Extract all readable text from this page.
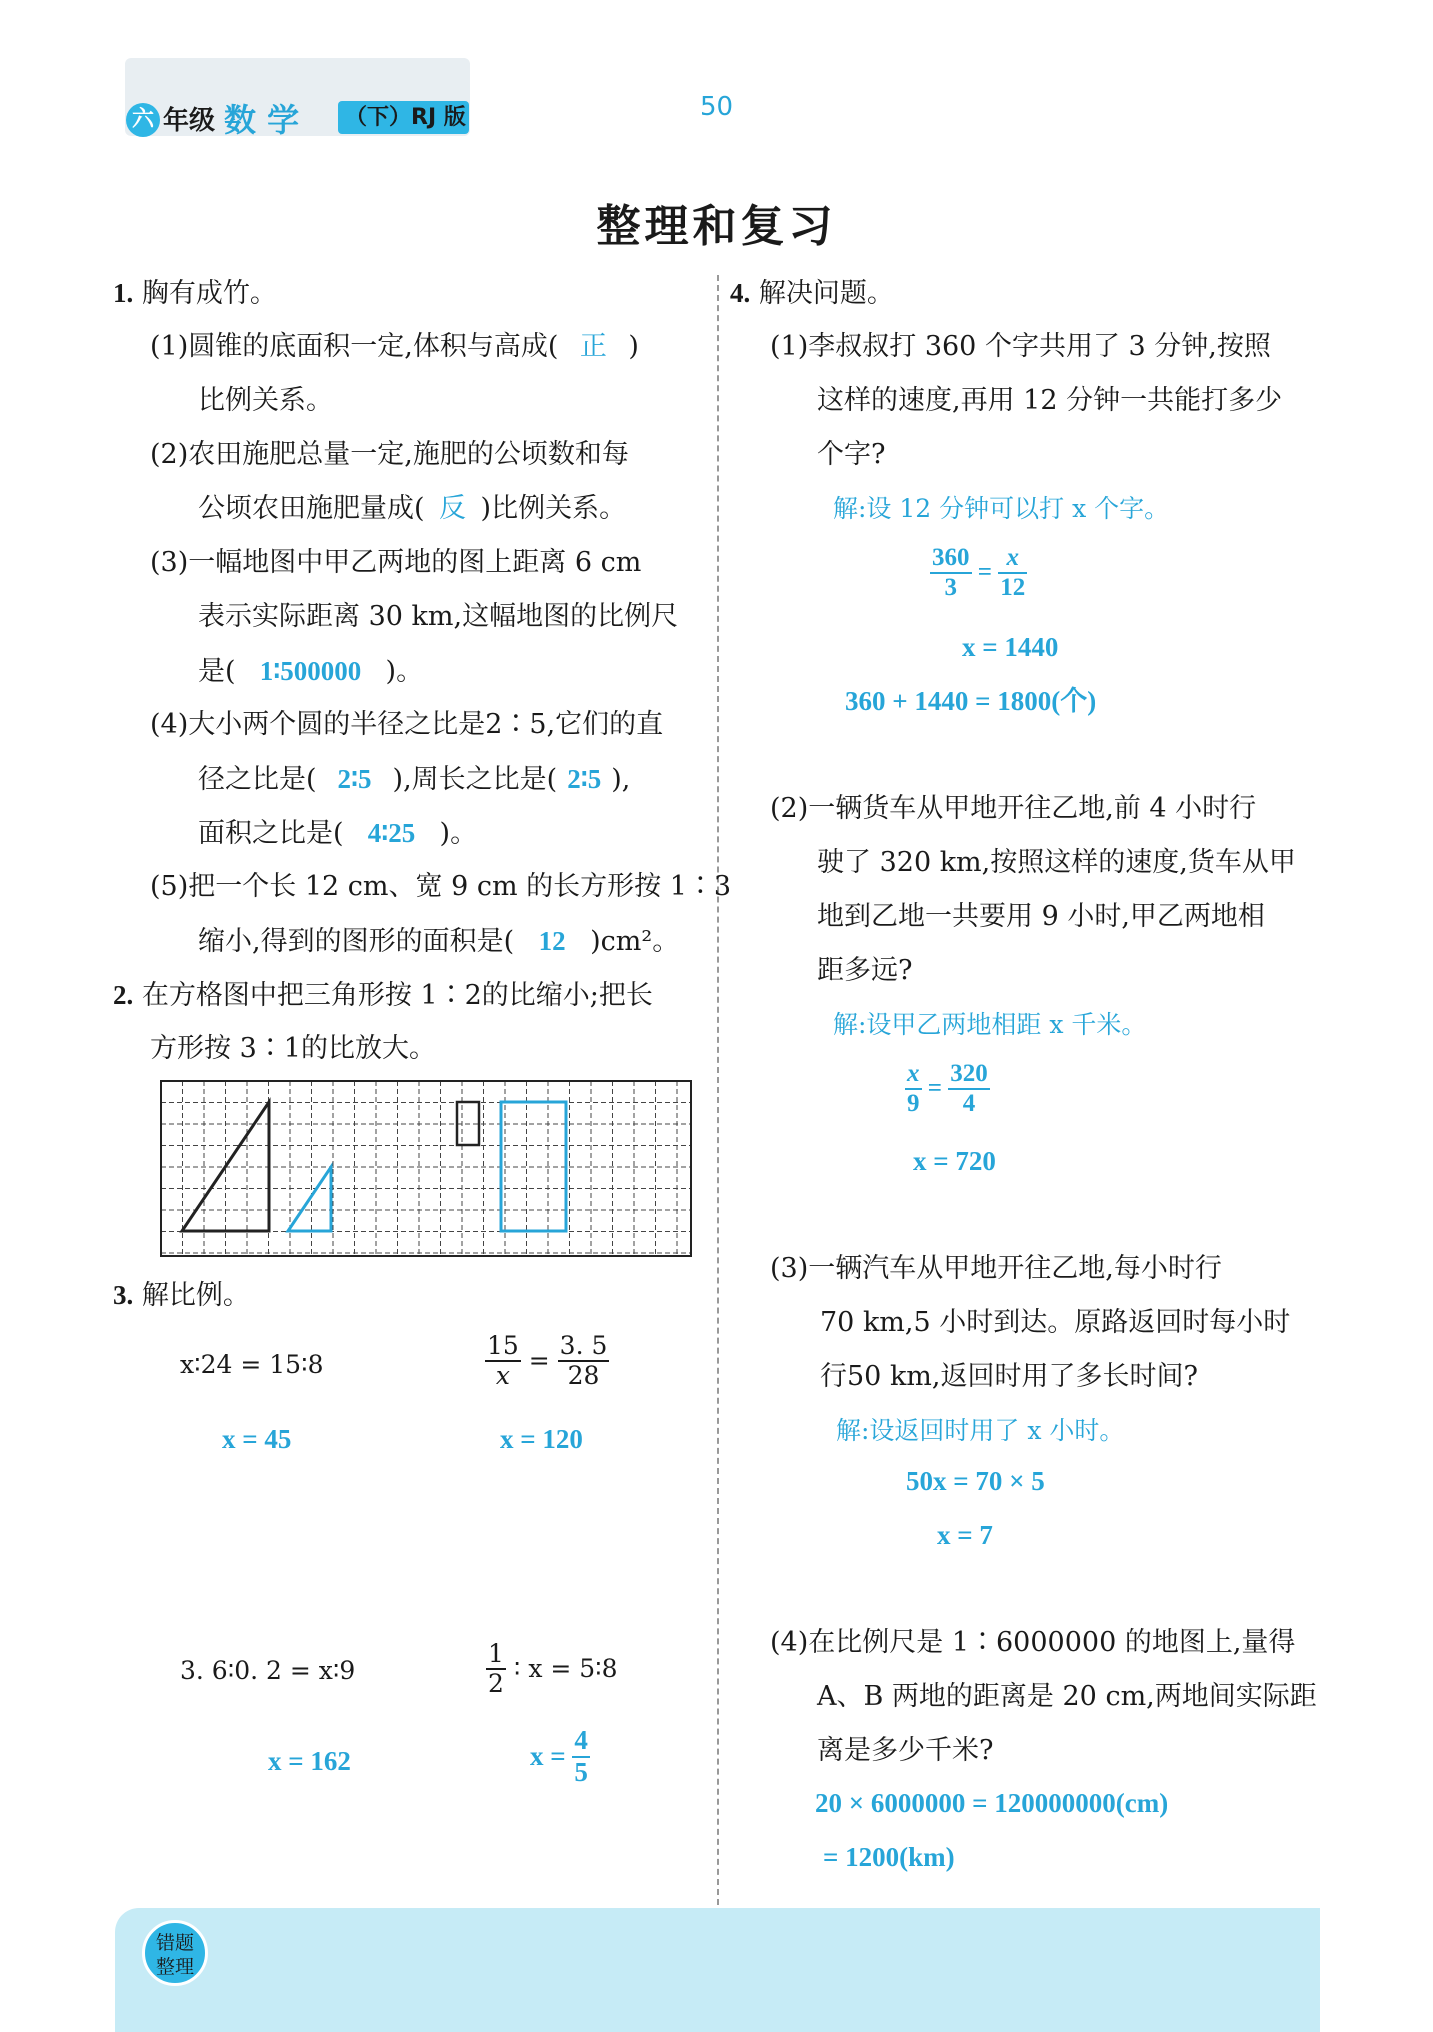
六 年级 数 学 （下）RJ 版	50
整理和复习
1. 胸有成竹。
(1)圆锥的底面积一定,体积与高成( 正 )
比例关系。
(2)农田施肥总量一定,施肥的公顷数和每
公顷农田施肥量成( 反 )比例关系。
(3)一幅地图中甲乙两地的图上距离 6 cm
表示实际距离 30 km,这幅地图的比例尺
是( 1∶500000 )。
(4)大小两个圆的半径之比是2∶5,它们的直
径之比是( 2∶5 ),周长之比是( 2∶5 ),
面积之比是( 4∶25 )。
(5)把一个长 12 cm、宽 9 cm 的长方形按 1∶3
缩小,得到的图形的面积是( 12 )cm²。
2. 在方格图中把三角形按 1∶2的比缩小;把长
方形按 3∶1的比放大。
3. 解比例。
x∶24 = 15∶8
x = 45
$\frac{15}{x} = \frac{3. 5}{28}$
x = 120
3. 6∶0. 2 = x∶9
x = 162
$\frac{1}{2}$ ∶ x = 5∶8
$x = \frac{4}{5}$
4. 解决问题。
(1)李叔叔打 360 个字共用了 3 分钟,按照
这样的速度,再用 12 分钟一共能打多少
个字?
解:设 12 分钟可以打 x 个字。
$\frac{360}{3} = \frac{x}{12}$
x = 1440
360 + 1440 = 1800(个)
(2)一辆货车从甲地开往乙地,前 4 小时行
驶了 320 km,按照这样的速度,货车从甲
地到乙地一共要用 9 小时,甲乙两地相
距多远?
解:设甲乙两地相距 x 千米。
$\frac{x}{9} = \frac{320}{4}$
x = 720
(3)一辆汽车从甲地开往乙地,每小时行
70 km,5 小时到达。原路返回时每小时
行50 km,返回时用了多长时间?
解:设返回时用了 x 小时。
50x = 70 × 5
x = 7
(4)在比例尺是 1∶6000000 的地图上,量得
A、B 两地的距离是 20 cm,两地间实际距
离是多少千米?
20 × 6000000 = 120000000(cm)
= 1200(km)
错题
整理
